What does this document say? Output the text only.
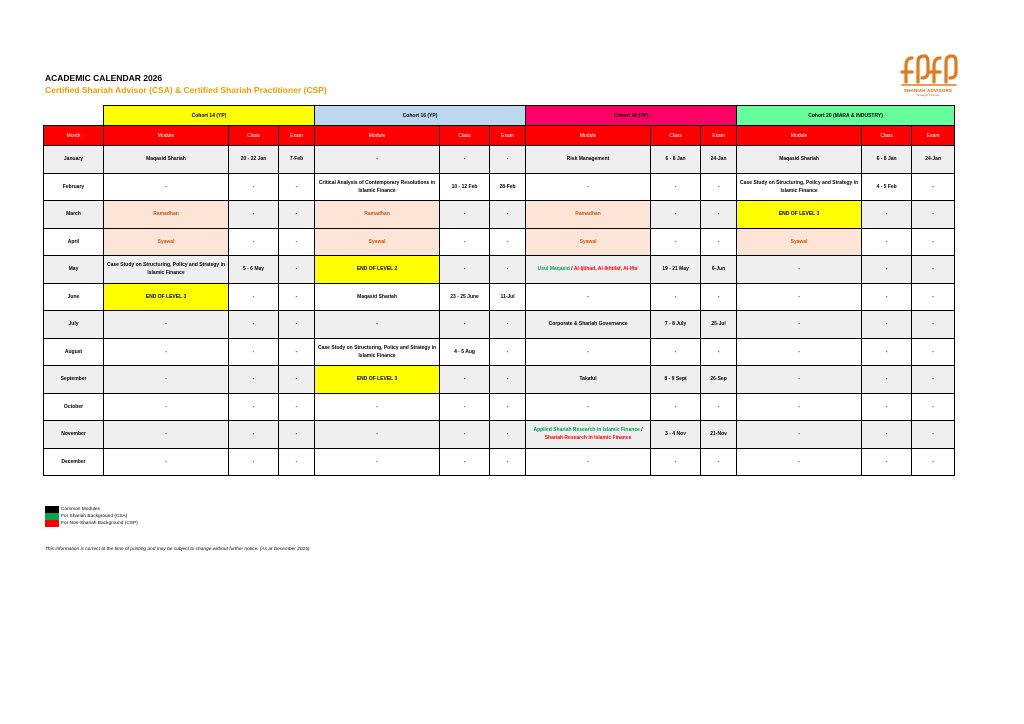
ACADEMIC CALENDAR 2026
Certified Shariah Advisor (CSA) & Certified Shariah Practitioner (CSP)	SHARIAH ADVISORS
Strategic Finance
	Cohort 14 (YP)			Cohort 16 (YP)			Cohort 18 (YP)			Cohort 20 (MARA & INDUSTRY)		
Month	Module	Class	Exam	Module	Class	Exam	Module	Class	Exam	Module	Class	Exam
January	Maqasid Shariah	20 - 22 Jan	7-Feb	-	-	-	Risk Management	6 - 8 Jan	24-Jan	Maqasid Shariah	6 - 8 Jan	24-Jan
February	-	-	-	Critical Analysis of Contemporary Resolutions in Islamic Finance	10 - 12 Feb	28-Feb	-	-	-	Case Study on Structuring, Policy and Strategy in Islamic Finance	4 - 5 Feb	-
March	Ramadhan	-	-	Ramadhan	-	-	Ramadhan	-	-	END OF LEVEL 3	-	-
April	Syawal	-	-	Syawal	-	-	Syawal	-	-	Syawal	-	-
May	Case Study on Structuring, Policy and Strategy in Islamic Finance	5 - 6 May	-	END OF LEVEL 2	-	-	Usul Maqasid / Al-Ijtihad, Al-Ikhtilaf, Al-Ifta'	19 - 21 May	6-Jun	-	-	-
June	END OF LEVEL 3	-	-	Maqasid Shariah	23 - 25 June	11-Jul	-	-	-	-	-	-
July	-	-	-	-	-	-	Corporate & Shariah Governance	7 - 8 July	25-Jul	-	-	-
August	-	-	-	Case Study on Structuring, Policy and Strategy in Islamic Finance	4 - 5 Aug	-	-	-	-	-	-	-
September	-	-	-	END OF LEVEL 3	-	-	Takaful	8 - 9 Sept	26-Sep	-	-	-
October	-	-	-	-	-	-	-	-	-	-	-	-
November	-	-	-	-	-	-	Applied Shariah Research in Islamic Finance /
Shariah Research in Islamic Finance	3 - 4 Nov	21-Nov	-	-	-
December	-	-	-	-	-	-	-	-	-	-	-	-
Common Modules
For Shariah Background (CSA)
For Non-Shariah Background (CSP)
This information is correct at the time of printing and may be subject to change without further notice. (As at December 2025)
